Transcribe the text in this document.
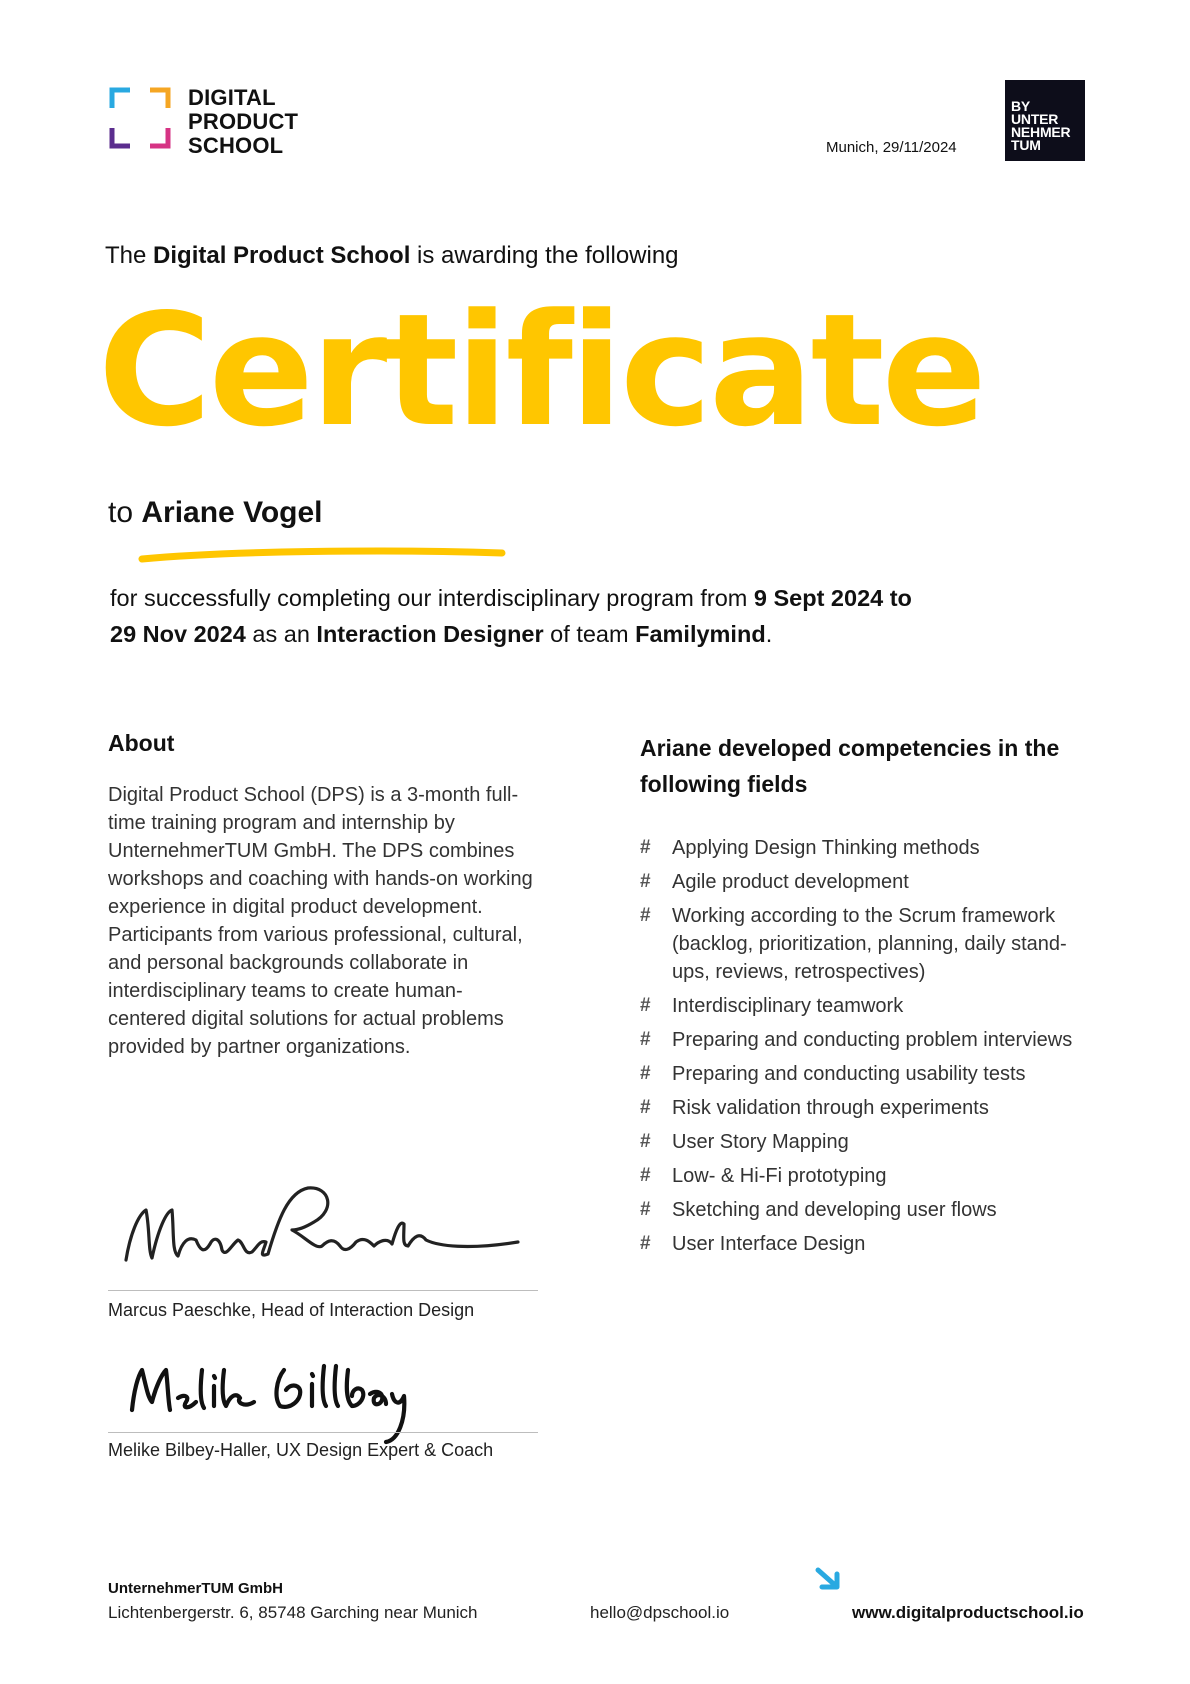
DIGITAL
PRODUCT
SCHOOL	Munich, 29/11/2024
BY
UNTER
NEHMER
TUM
The Digital Product School is awarding the following
Certificate
to Ariane Vogel
for successfully completing our interdisciplinary program from 9 Sept 2024 to
29 Nov 2024 as an Interaction Designer of team Familymind.
About
Digital Product School (DPS) is a 3-month full-time training program and internship by UnternehmerTUM GmbH. The DPS combines workshops and coaching with hands-on working experience in digital product development. Participants from various professional, cultural, and personal backgrounds collaborate in interdisciplinary teams to create human-centered digital solutions for actual problems provided by partner organizations.
Ariane developed competencies in the following fields
# Applying Design Thinking methods
# Agile product development
# Working according to the Scrum framework (backlog, prioritization, planning, daily stand-ups, reviews, retrospectives)
# Interdisciplinary teamwork
# Preparing and conducting problem interviews
# Preparing and conducting usability tests
# Risk validation through experiments
# User Story Mapping
# Low- & Hi-Fi prototyping
# Sketching and developing user flows
# User Interface Design
Marcus Paeschke, Head of Interaction Design
Melike Bilbey-Haller, UX Design Expert & Coach
UnternehmerTUM GmbH
Lichtenbergerstr. 6, 85748 Garching near Munich	hello@dpschool.io	www.digitalproductschool.io
